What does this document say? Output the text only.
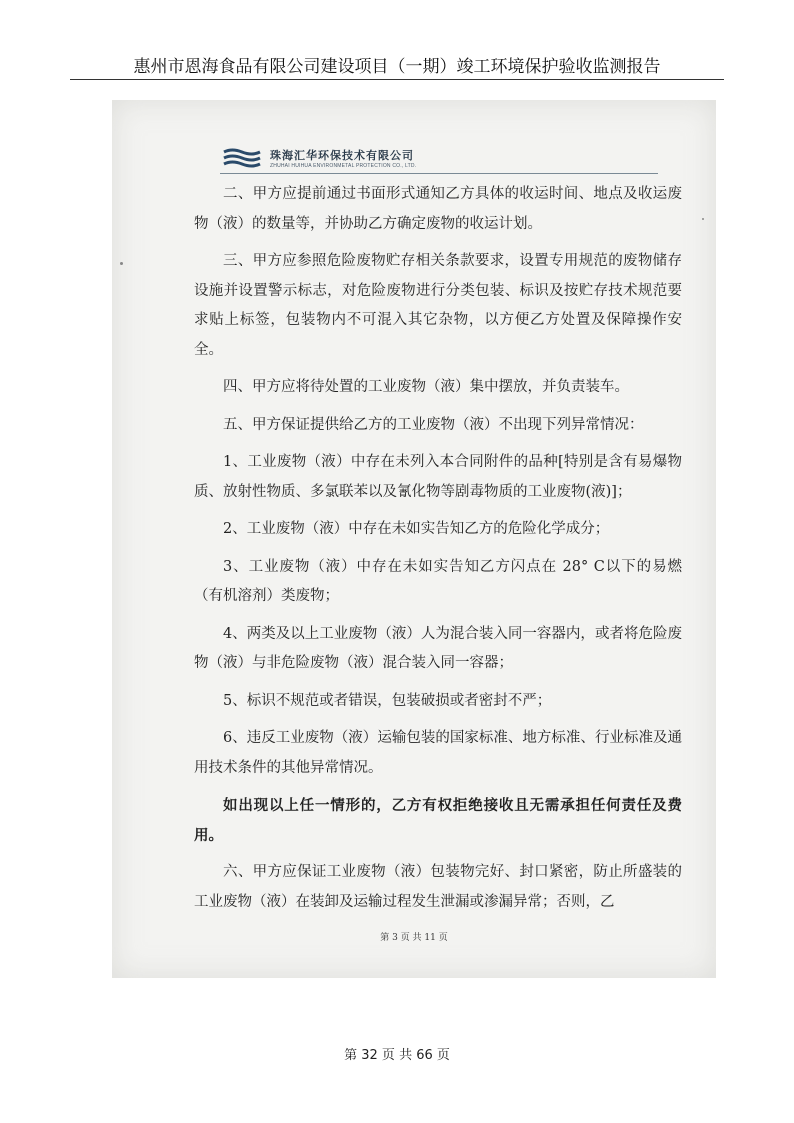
惠州市恩海食品有限公司建设项目（一期）竣工环境保护验收监测报告
珠海汇华环保技术有限公司
ZHUHAI HUIHUA ENVIRONMETAL PROTECTION CO., LTD.

二、甲方应提前通过书面形式通知乙方具体的收运时间、地点及收运废物（液）的数量等，并协助乙方确定废物的收运计划。

三、甲方应参照危险废物贮存相关条款要求，设置专用规范的废物储存设施并设置警示标志，对危险废物进行分类包装、标识及按贮存技术规范要求贴上标签，包装物内不可混入其它杂物，以方便乙方处置及保障操作安全。

四、甲方应将待处置的工业废物（液）集中摆放，并负责装车。

五、甲方保证提供给乙方的工业废物（液）不出现下列异常情况：

1、工业废物（液）中存在未列入本合同附件的品种[特别是含有易爆物质、放射性物质、多氯联苯以及氰化物等剧毒物质的工业废物(液)]；

2、工业废物（液）中存在未如实告知乙方的危险化学成分；

3、工业废物（液）中存在未如实告知乙方闪点在 28° C以下的易燃（有机溶剂）类废物；

4、两类及以上工业废物（液）人为混合装入同一容器内，或者将危险废物（液）与非危险废物（液）混合装入同一容器；

5、标识不规范或者错误，包装破损或者密封不严；

6、违反工业废物（液）运输包装的国家标准、地方标准、行业标准及通用技术条件的其他异常情况。

如出现以上任一情形的，乙方有权拒绝接收且无需承担任何责任及费用。

六、甲方应保证工业废物（液）包装物完好、封口紧密，防止所盛装的工业废物（液）在装卸及运输过程发生泄漏或渗漏异常；否则，乙

第 3 页 共 11 页
第 32 页 共 66 页
